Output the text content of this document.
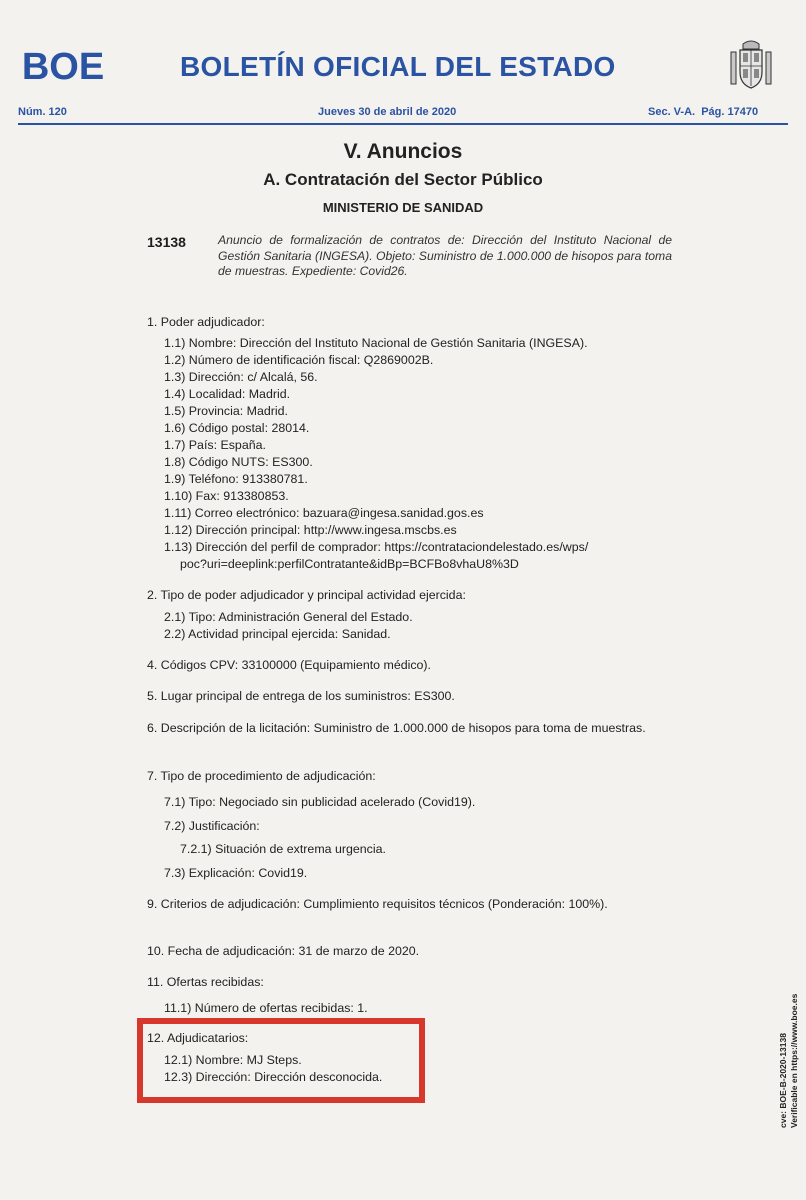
BOE	BOLETÍN OFICIAL DEL ESTADO
Núm. 120	Jueves 30 de abril de 2020	Sec. V-A.  Pág. 17470
V. Anuncios
A. Contratación del Sector Público
MINISTERIO DE SANIDAD
13138	Anuncio de formalización de contratos de: Dirección del Instituto Nacional de Gestión Sanitaria (INGESA). Objeto: Suministro de 1.000.000 de hisopos para toma de muestras. Expediente: Covid26.
1. Poder adjudicador:
1.1) Nombre: Dirección del Instituto Nacional de Gestión Sanitaria (INGESA).
1.2) Número de identificación fiscal: Q2869002B.
1.3) Dirección: c/ Alcalá, 56.
1.4) Localidad: Madrid.
1.5) Provincia: Madrid.
1.6) Código postal: 28014.
1.7) País: España.
1.8) Código NUTS: ES300.
1.9) Teléfono: 913380781.
1.10) Fax: 913380853.
1.11) Correo electrónico: bazuara@ingesa.sanidad.gos.es
1.12) Dirección principal: http://www.ingesa.mscbs.es
1.13) Dirección del perfil de comprador: https://contrataciondelestado.es/wps/
poc?uri=deeplink:perfilContratante&idBp=BCFBo8vhaU8%3D
2. Tipo de poder adjudicador y principal actividad ejercida:
2.1) Tipo: Administración General del Estado.
2.2) Actividad principal ejercida: Sanidad.
4. Códigos CPV: 33100000 (Equipamiento médico).
5. Lugar principal de entrega de los suministros: ES300.
6. Descripción de la licitación: Suministro de 1.000.000 de hisopos para toma de muestras.
7. Tipo de procedimiento de adjudicación:
7.1) Tipo: Negociado sin publicidad acelerado (Covid19).
7.2) Justificación:
7.2.1) Situación de extrema urgencia.
7.3) Explicación: Covid19.
9. Criterios de adjudicación: Cumplimiento requisitos técnicos (Ponderación: 100%).
10. Fecha de adjudicación: 31 de marzo de 2020.
11. Ofertas recibidas:
11.1) Número de ofertas recibidas: 1.
12. Adjudicatarios:
12.1) Nombre: MJ Steps.
12.3) Dirección: Dirección desconocida.	cve: BOE-B-2020-13138 Verificable en https://www.boe.es
